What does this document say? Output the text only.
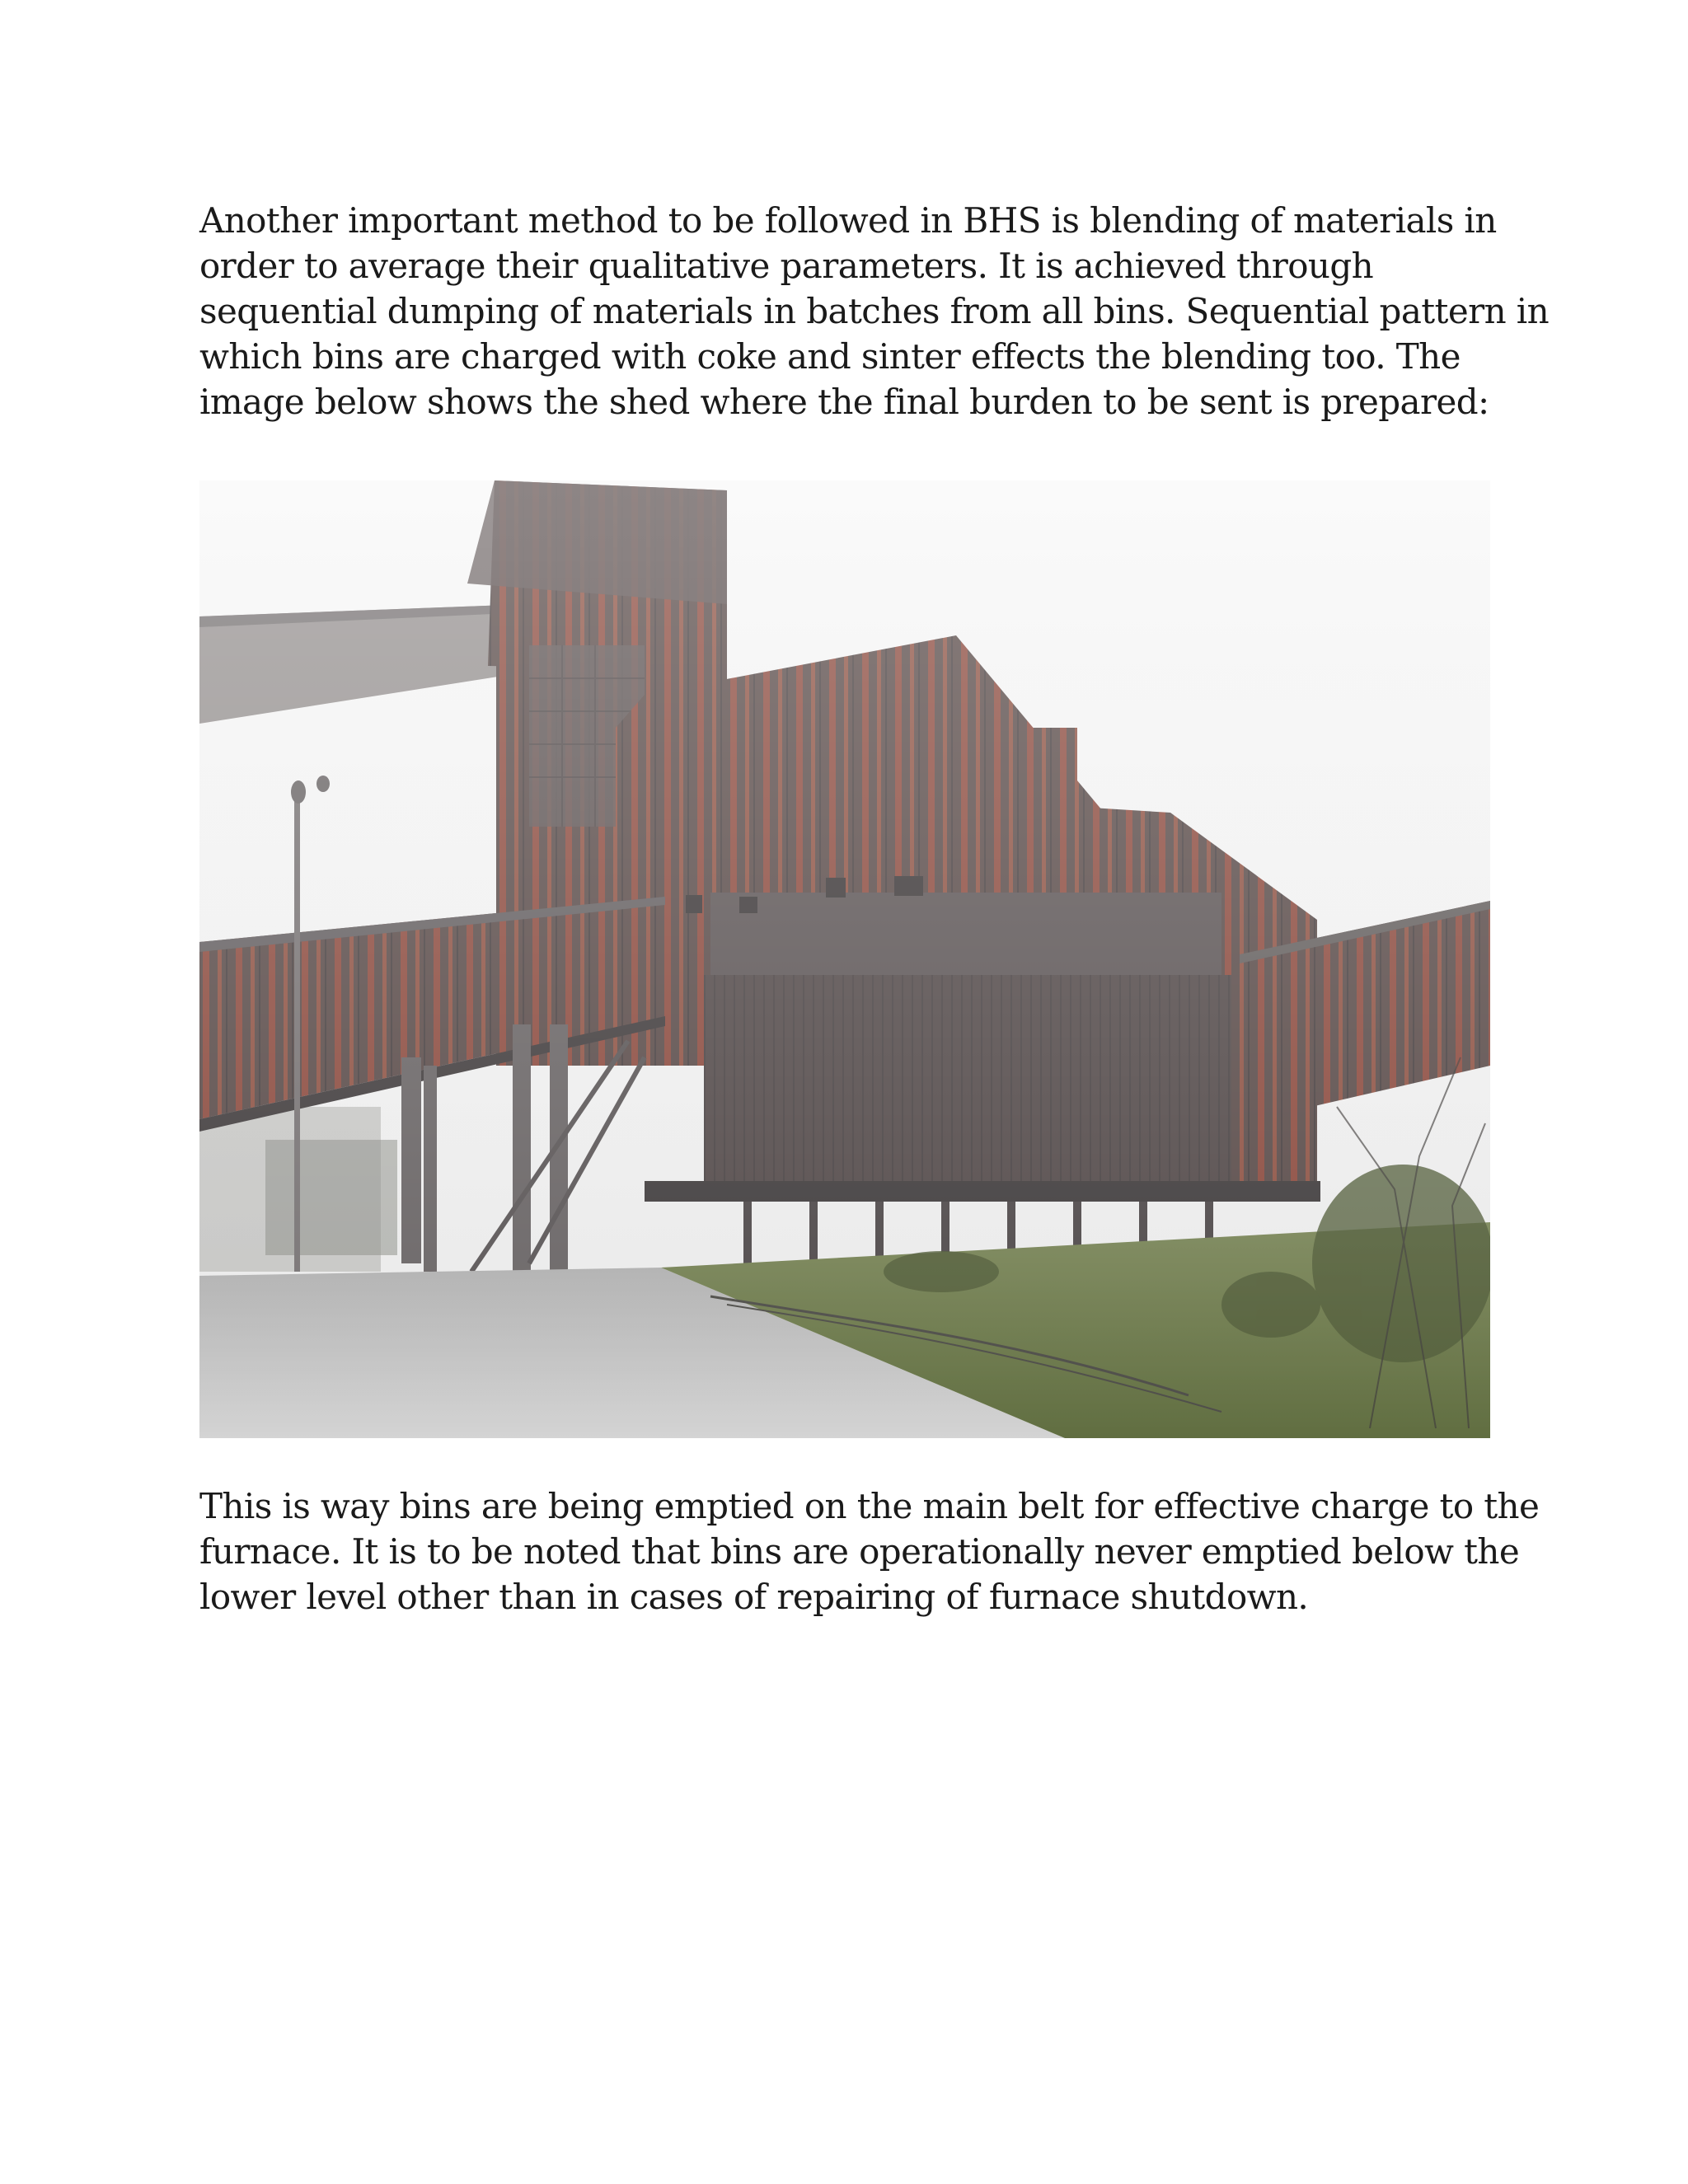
Another important method to be followed in BHS is blending of materials in
order to average their qualitative parameters. It is achieved through
sequential dumping of materials in batches from all bins. Sequential pattern in
which bins are charged with coke and sinter effects the blending too. The
image below shows the shed where the final burden to be sent is prepared:

This is way bins are being emptied on the main belt for effective charge to the
furnace. It is to be noted that bins are operationally never emptied below the
lower level other than in cases of repairing of furnace shutdown.
